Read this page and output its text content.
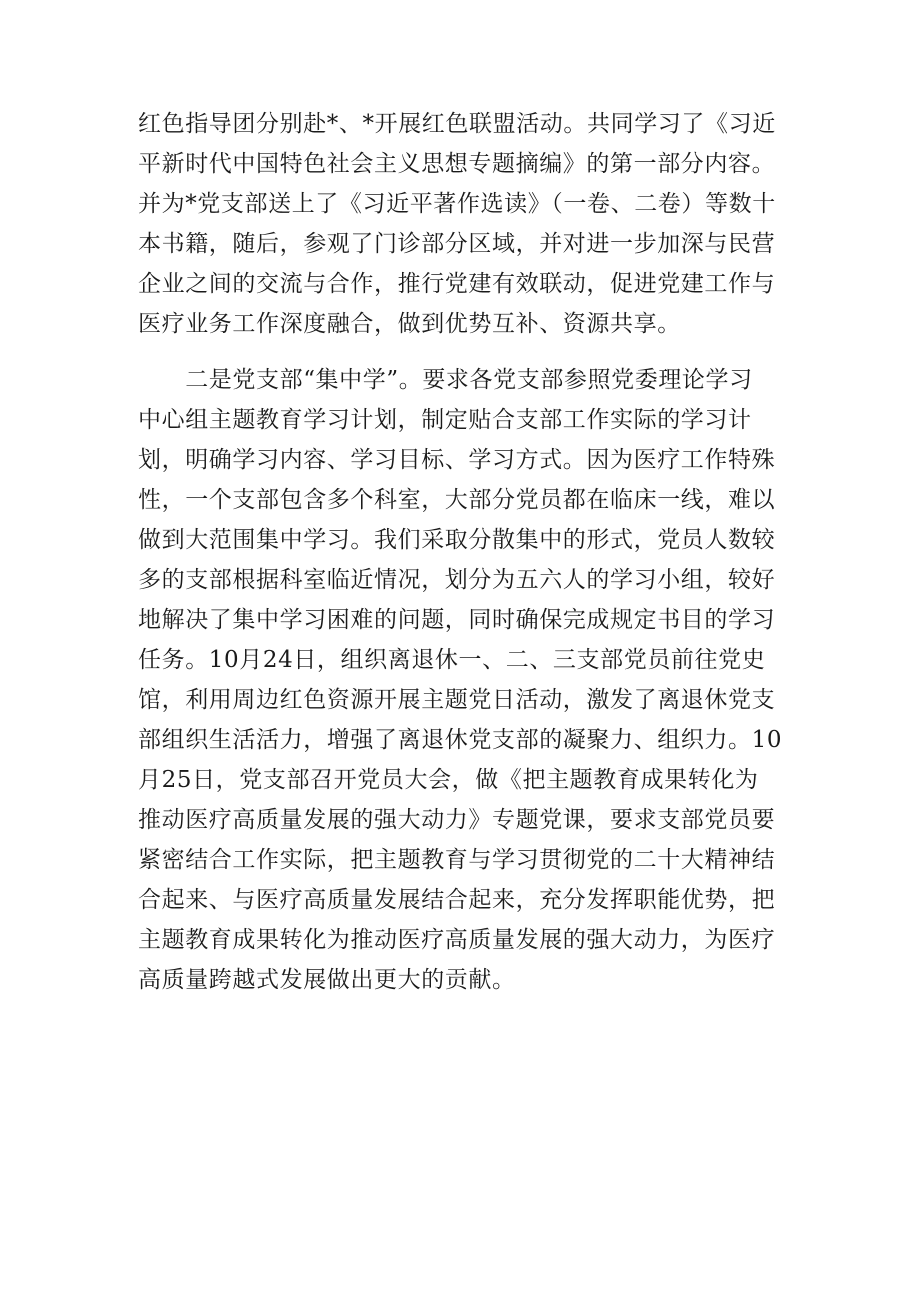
红色指导团分别赴*、*开展红色联盟活动。共同学习了《习近
平新时代中国特色社会主义思想专题摘编》的第一部分内容。
并为*党支部送上了《习近平著作选读》（一卷、二卷）等数十
本书籍，随后，参观了门诊部分区域，并对进一步加深与民营
企业之间的交流与合作，推行党建有效联动，促进党建工作与
医疗业务工作深度融合，做到优势互补、资源共享。
　　二是党支部“集中学”。要求各党支部参照党委理论学习
中心组主题教育学习计划，制定贴合支部工作实际的学习计
划，明确学习内容、学习目标、学习方式。因为医疗工作特殊
性，一个支部包含多个科室，大部分党员都在临床一线，难以
做到大范围集中学习。我们采取分散集中的形式，党员人数较
多的支部根据科室临近情况，划分为五六人的学习小组，较好
地解决了集中学习困难的问题，同时确保完成规定书目的学习
任务。10月24日，组织离退休一、二、三支部党员前往党史
馆，利用周边红色资源开展主题党日活动，激发了离退休党支
部组织生活活力，增强了离退休党支部的凝聚力、组织力。10
月25日，党支部召开党员大会，做《把主题教育成果转化为
推动医疗高质量发展的强大动力》专题党课，要求支部党员要
紧密结合工作实际，把主题教育与学习贯彻党的二十大精神结
合起来、与医疗高质量发展结合起来，充分发挥职能优势，把
主题教育成果转化为推动医疗高质量发展的强大动力，为医疗
高质量跨越式发展做出更大的贡献。
